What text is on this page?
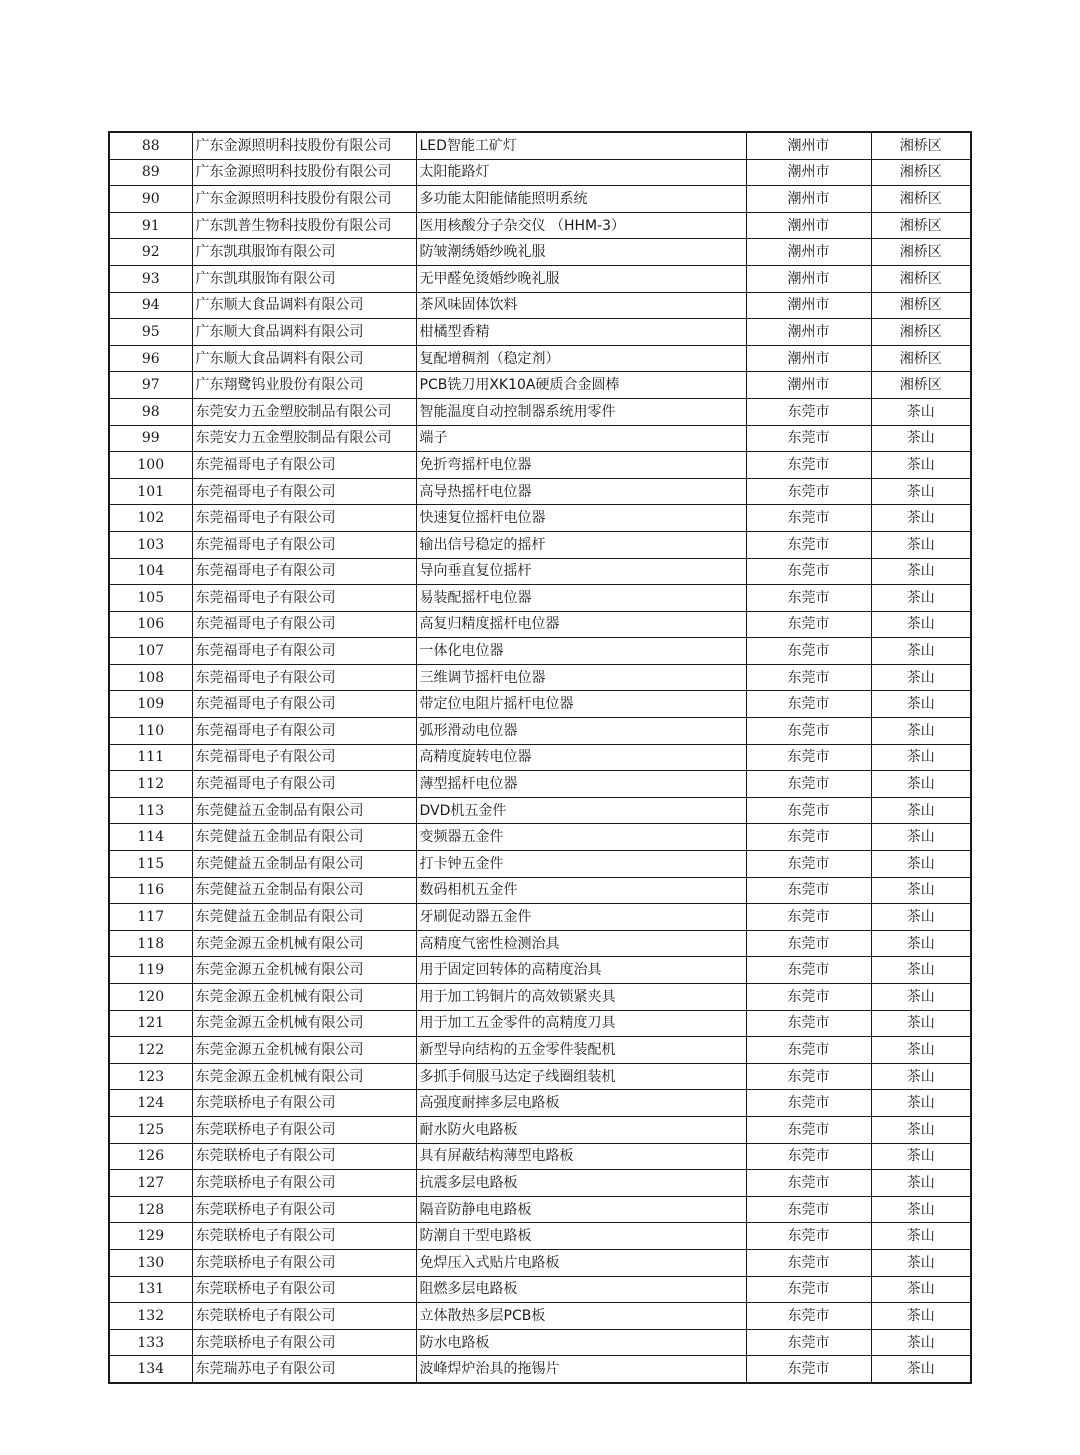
88	广东金源照明科技股份有限公司	LED智能工矿灯	潮州市	湘桥区
89	广东金源照明科技股份有限公司	太阳能路灯	潮州市	湘桥区
90	广东金源照明科技股份有限公司	多功能太阳能储能照明系统	潮州市	湘桥区
91	广东凯普生物科技股份有限公司	医用核酸分子杂交仪 （HHM-3）	潮州市	湘桥区
92	广东凯琪服饰有限公司	防皱潮绣婚纱晚礼服	潮州市	湘桥区
93	广东凯琪服饰有限公司	无甲醛免烫婚纱晚礼服	潮州市	湘桥区
94	广东顺大食品调料有限公司	茶风味固体饮料	潮州市	湘桥区
95	广东顺大食品调料有限公司	柑橘型香精	潮州市	湘桥区
96	广东顺大食品调料有限公司	复配增稠剂（稳定剂）	潮州市	湘桥区
97	广东翔鹭钨业股份有限公司	PCB铣刀用XK10A硬质合金圆棒	潮州市	湘桥区
98	东莞安力五金塑胶制品有限公司	智能温度自动控制器系统用零件	东莞市	茶山
99	东莞安力五金塑胶制品有限公司	端子	东莞市	茶山
100	东莞福哥电子有限公司	免折弯摇杆电位器	东莞市	茶山
101	东莞福哥电子有限公司	高导热摇杆电位器	东莞市	茶山
102	东莞福哥电子有限公司	快速复位摇杆电位器	东莞市	茶山
103	东莞福哥电子有限公司	输出信号稳定的摇杆	东莞市	茶山
104	东莞福哥电子有限公司	导向垂直复位摇杆	东莞市	茶山
105	东莞福哥电子有限公司	易装配摇杆电位器	东莞市	茶山
106	东莞福哥电子有限公司	高复归精度摇杆电位器	东莞市	茶山
107	东莞福哥电子有限公司	一体化电位器	东莞市	茶山
108	东莞福哥电子有限公司	三维调节摇杆电位器	东莞市	茶山
109	东莞福哥电子有限公司	带定位电阻片摇杆电位器	东莞市	茶山
110	东莞福哥电子有限公司	弧形滑动电位器	东莞市	茶山
111	东莞福哥电子有限公司	高精度旋转电位器	东莞市	茶山
112	东莞福哥电子有限公司	薄型摇杆电位器	东莞市	茶山
113	东莞健益五金制品有限公司	DVD机五金件	东莞市	茶山
114	东莞健益五金制品有限公司	变频器五金件	东莞市	茶山
115	东莞健益五金制品有限公司	打卡钟五金件	东莞市	茶山
116	东莞健益五金制品有限公司	数码相机五金件	东莞市	茶山
117	东莞健益五金制品有限公司	牙刷促动器五金件	东莞市	茶山
118	东莞金源五金机械有限公司	高精度气密性检测治具	东莞市	茶山
119	东莞金源五金机械有限公司	用于固定回转体的高精度治具	东莞市	茶山
120	东莞金源五金机械有限公司	用于加工钨铜片的高效锁紧夹具	东莞市	茶山
121	东莞金源五金机械有限公司	用于加工五金零件的高精度刀具	东莞市	茶山
122	东莞金源五金机械有限公司	新型导向结构的五金零件装配机	东莞市	茶山
123	东莞金源五金机械有限公司	多抓手伺服马达定子线圈组装机	东莞市	茶山
124	东莞联桥电子有限公司	高强度耐摔多层电路板	东莞市	茶山
125	东莞联桥电子有限公司	耐水防火电路板	东莞市	茶山
126	东莞联桥电子有限公司	具有屏蔽结构薄型电路板	东莞市	茶山
127	东莞联桥电子有限公司	抗震多层电路板	东莞市	茶山
128	东莞联桥电子有限公司	隔音防静电电路板	东莞市	茶山
129	东莞联桥电子有限公司	防潮自干型电路板	东莞市	茶山
130	东莞联桥电子有限公司	免焊压入式贴片电路板	东莞市	茶山
131	东莞联桥电子有限公司	阻燃多层电路板	东莞市	茶山
132	东莞联桥电子有限公司	立体散热多层PCB板	东莞市	茶山
133	东莞联桥电子有限公司	防水电路板	东莞市	茶山
134	东莞瑞苏电子有限公司	波峰焊炉治具的拖锡片	东莞市	茶山
